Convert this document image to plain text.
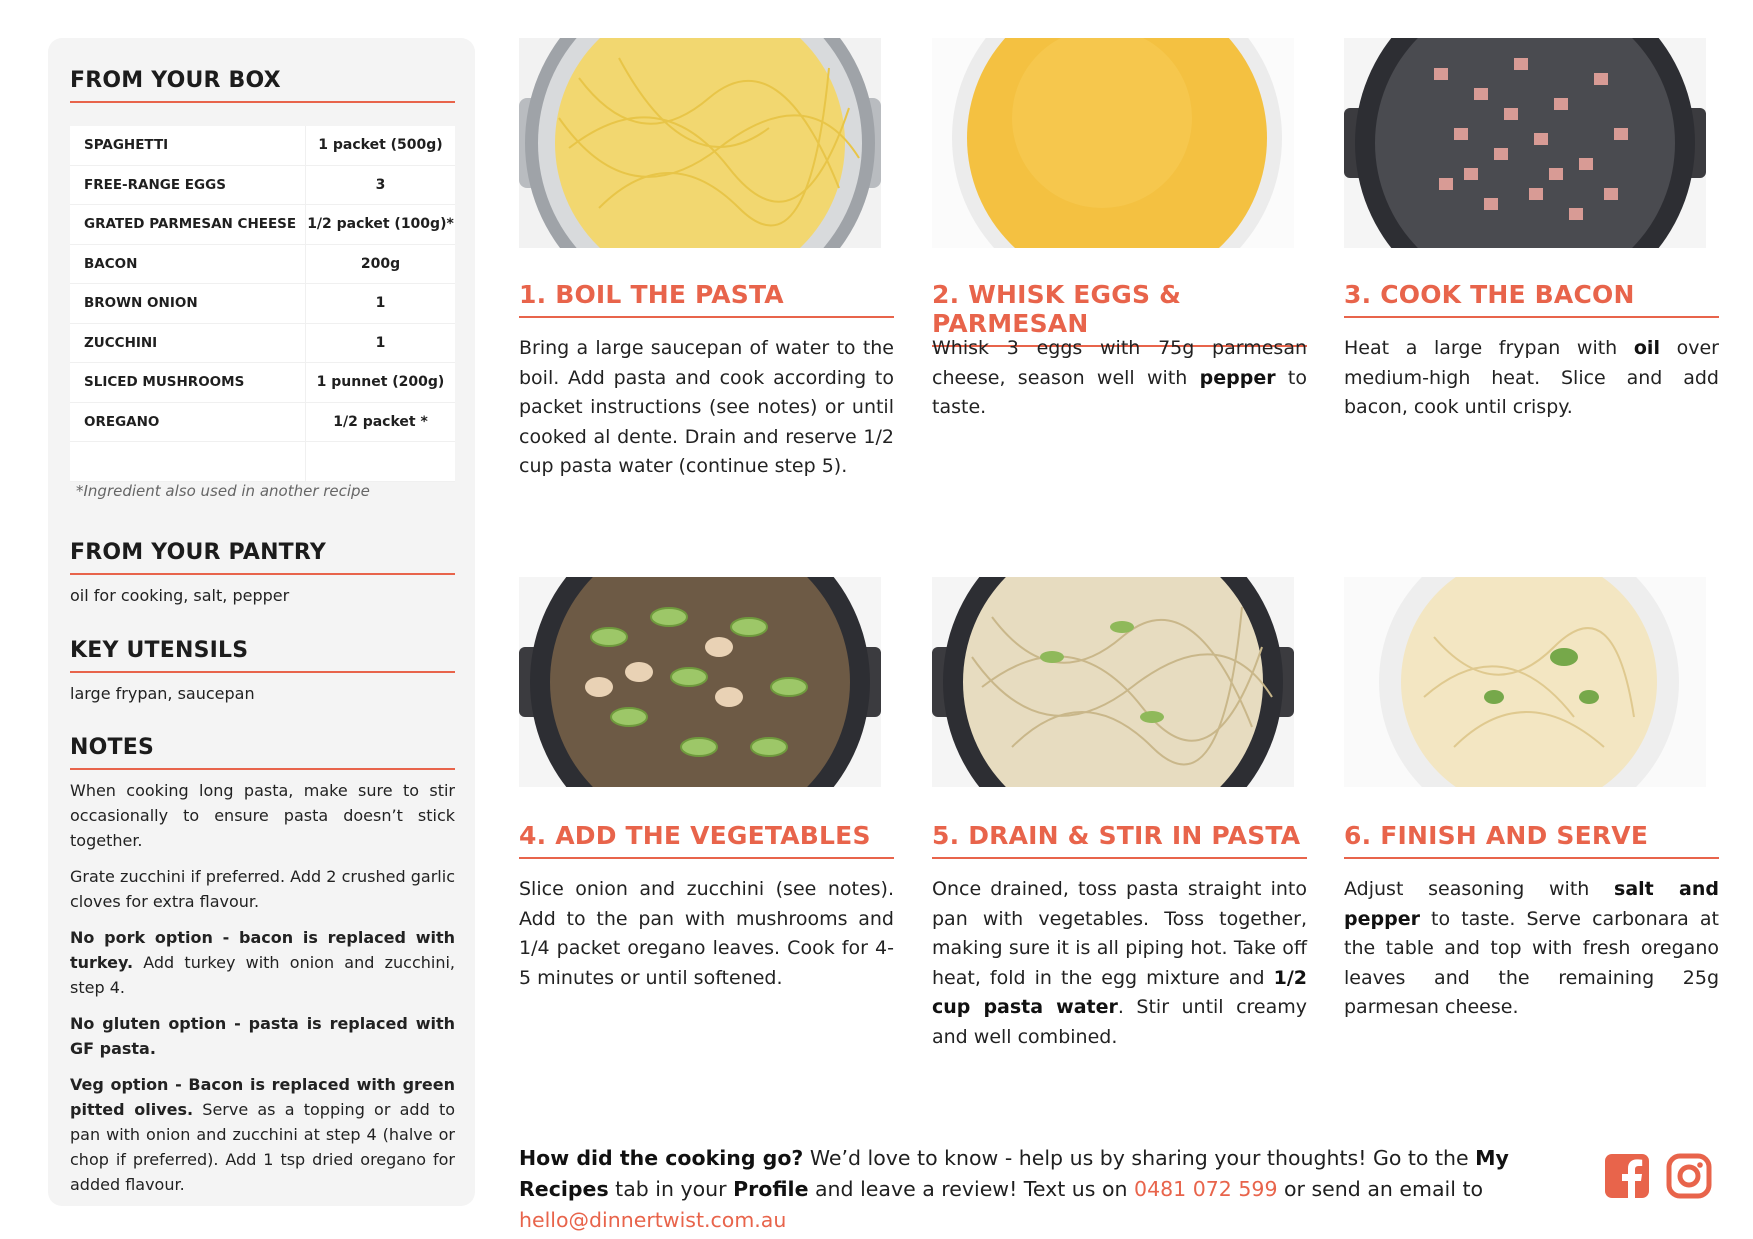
FROM YOUR BOX
SPAGHETTI	1 packet (500g)
FREE-RANGE EGGS	3
GRATED PARMESAN CHEESE	1/2 packet (100g)*
BACON	200g
BROWN ONION	1
ZUCCHINI	1
SLICED MUSHROOMS	1 punnet (200g)
OREGANO	1/2 packet *

*Ingredient also used in another recipe
FROM YOUR PANTRY

oil for cooking, salt, pepper

KEY UTENSILS

large frypan, saucepan

NOTES

When cooking long pasta, make sure to stir occasionally to ensure pasta doesn’t stick together.

Grate zucchini if preferred. Add 2 crushed garlic cloves for extra flavour.

No pork option - bacon is replaced with turkey. Add turkey with onion and zucchini, step 4.

No gluten option - pasta is replaced with GF pasta.

Veg option - Bacon is replaced with green pitted olives. Serve as a topping or add to pan with onion and zucchini at step 4 (halve or chop if preferred). Add 1 tsp dried oregano for added flavour.

1. BOIL THE PASTA

Bring a large saucepan of water to the boil. Add pasta and cook according to packet instructions (see notes) or until cooked al dente. Drain and reserve 1/2 cup pasta water (continue step 5).

2. WHISK EGGS & PARMESAN

Whisk 3 eggs with 75g parmesan cheese, season well with pepper to taste.

3. COOK THE BACON

Heat a large frypan with oil over medium-high heat. Slice and add bacon, cook until crispy.

4. ADD THE VEGETABLES

Slice onion and zucchini (see notes). Add to the pan with mushrooms and 1/4 packet oregano leaves. Cook for 4-5 minutes or until softened.

5. DRAIN & STIR IN PASTA

Once drained, toss pasta straight into pan with vegetables. Toss together, making sure it is all piping hot. Take off heat, fold in the egg mixture and 1/2 cup pasta water. Stir until creamy and well combined.

6. FINISH AND SERVE

Adjust seasoning with salt and pepper to taste. Serve carbonara at the table and top with fresh oregano leaves and the remaining 25g parmesan cheese.

How did the cooking go? We’d love to know - help us by sharing your thoughts! Go to the My Recipes tab in your Profile and leave a review! Text us on 0481 072 599 or send an email to hello@dinnertwist.com.au
